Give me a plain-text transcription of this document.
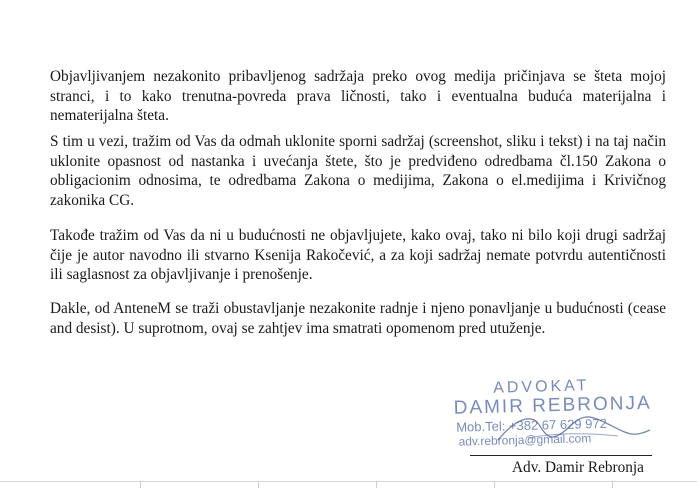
Objavljivanjem nezakonito pribavljenog sadržaja preko ovog medija pričinjava se šteta mojoj stranci, i to kako trenutna-povreda prava ličnosti, tako i eventualna buduća materijalna i nematerijalna šteta.

S tim u vezi, tražim od Vas da odmah uklonite sporni sadržaj (screenshot, sliku i tekst) i na taj način uklonite opasnost od nastanka i uvećanja štete, što je predviđeno odredbama čl.150 Zakona o obligacionim odnosima, te odredbama Zakona o medijima, Zakona o el.medijima i Krivičnog zakonika CG.

Takođe tražim od Vas da ni u budućnosti ne objavljujete, kako ovaj, tako ni bilo koji drugi sadržaj čije je autor navodno ili stvarno Ksenija Rakočević, a za koji sadržaj nemate potvrdu autentičnosti ili saglasnost za objavljivanje i prenošenje.

Dakle, od AnteneM se traži obustavljanje nezakonite radnje i njeno ponavljanje u budućnosti (cease and desist). U suprotnom, ovaj se zahtjev ima smatrati opomenom pred utuženje.

ADVOKAT
DAMIR REBRONJA
Mob.Tel: +382 67 629 972
adv.rebronja@gmail.com
Adv. Damir Rebronja
